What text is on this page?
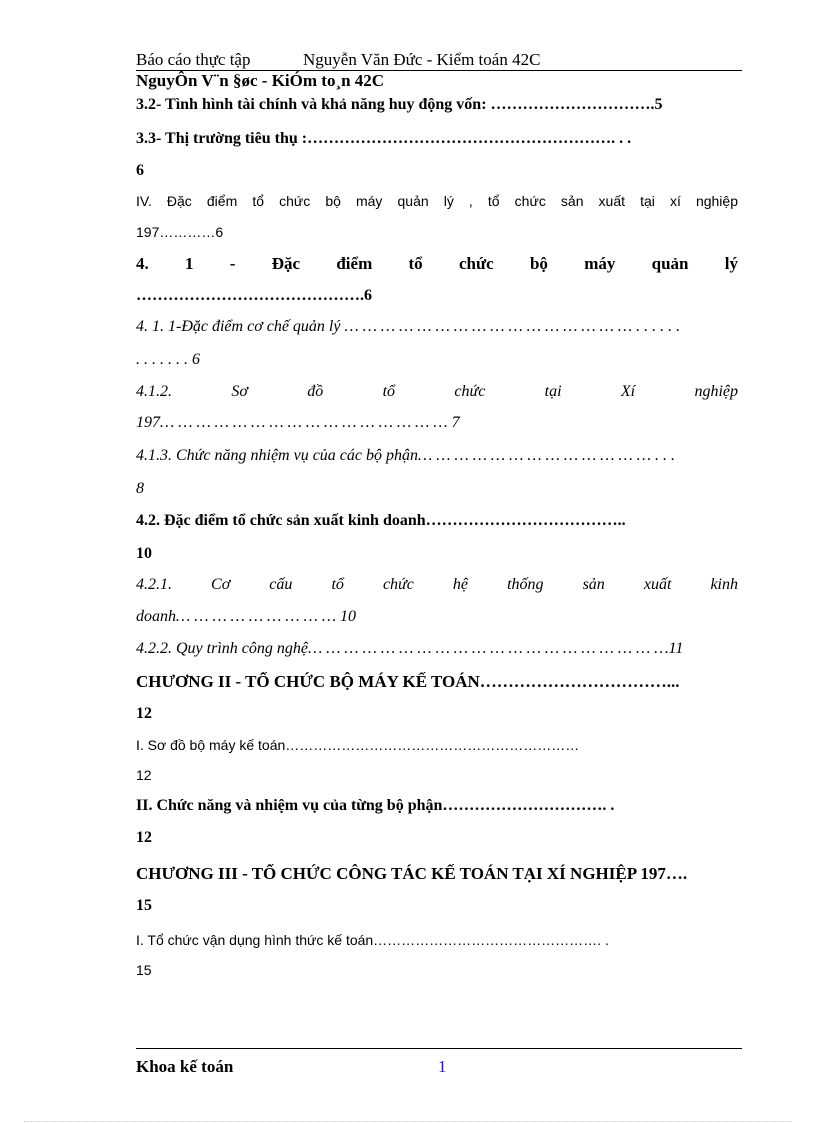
Báo cáo thực tập	Nguyễn Văn Đức - Kiểm toán 42C
NguyÔn V¨n §øc - KiÓm to¸n 42C
3.2- Tình hình tài chính và khả năng huy động vốn: ………………………….5
3.3- Thị trường tiêu thụ :…………………………………………………. . .
6
IV. Đặc điểm tổ chức bộ máy quản lý , tổ chức sản xuất tại xí nghiệp
197…………6
4. 1 - Đặc điểm tổ chức bộ máy quản lý
…………………………………….6
4. 1. 1-Đặc điểm cơ chế quản lý … … … … … … … … … … … … … … … … . . . . . .
. . . . . . . 6
4.1.2. Sơ đồ tổ chức tại Xí nghiệp
197… … … … … … … … … … … … … … … … 7
4.1.3. Chức năng nhiệm vụ của các bộ phận… … … … … … … … … … … … … . . .
8
4.2. Đặc điểm tổ chức sản xuất kinh doanh………………………………..
10
4.2.1. Cơ cấu tổ chức hệ thống sản xuất kinh
doanh… … … … … … … … … 10
4.2.2. Quy trình công nghệ… … … … … … … … … … … … … … … … … … … …11
CHƯƠNG II - TỔ CHỨC BỘ MÁY KẾ TOÁN……………………………...
12
I. Sơ đồ bộ máy kế toán………………………………………………………
12
II. Chức năng và nhiệm vụ của từng bộ phận…………………………. .
12
CHƯƠNG III - TỔ CHỨC CÔNG TÁC KẾ TOÁN TẠI XÍ NGHIỆP 197….
15
I. Tổ chức vận dụng hình thức kế toán…………………………………………. .
15
Khoa kế toán	1
